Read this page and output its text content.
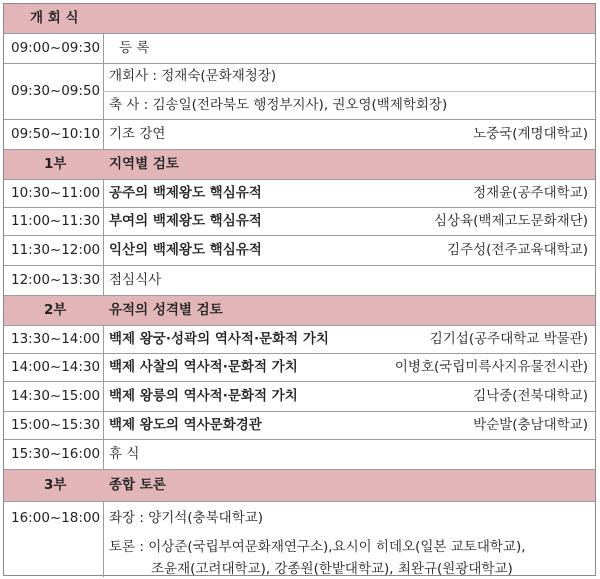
개 회 식
09:00~09:30 등 록
09:30~09:50
개회사 : 정재숙(문화재청장)
축 사 : 김송일(전라북도 행정부지사), 권오영(백제학회장)
09:50~10:10 기조 강연	노중국(계명대학교)
1부	지역별 검토
10:30~11:00 공주의 백제왕도 핵심유적	정재윤(공주대학교)
11:00~11:30 부여의 백제왕도 핵심유적	심상육(백제고도문화재단)
11:30~12:00 익산의 백제왕도 핵심유적	김주성(전주교육대학교)
12:00~13:30 점심식사
2부	유적의 성격별 검토
13:30~14:00 백제 왕궁·성곽의 역사적·문화적 가치	김기섭(공주대학교 박물관)
14:00~14:30 백제 사찰의 역사적·문화적 가치	이병호(국립미륵사지유물전시관)
14:30~15:00 백제 왕릉의 역사적·문화적 가치	김낙중(전북대학교)
15:00~15:30 백제 왕도의 역사문화경관	박순발(충남대학교)
15:30~16:00 휴 식
3부	종합 토론
16:00~18:00 좌장 : 양기석(충북대학교)
토론 : 이상준(국립부여문화재연구소),요시이 히데오(일본 교토대학교),
조윤재(고려대학교), 강종원(한밭대학교), 최완규(원광대학교)
